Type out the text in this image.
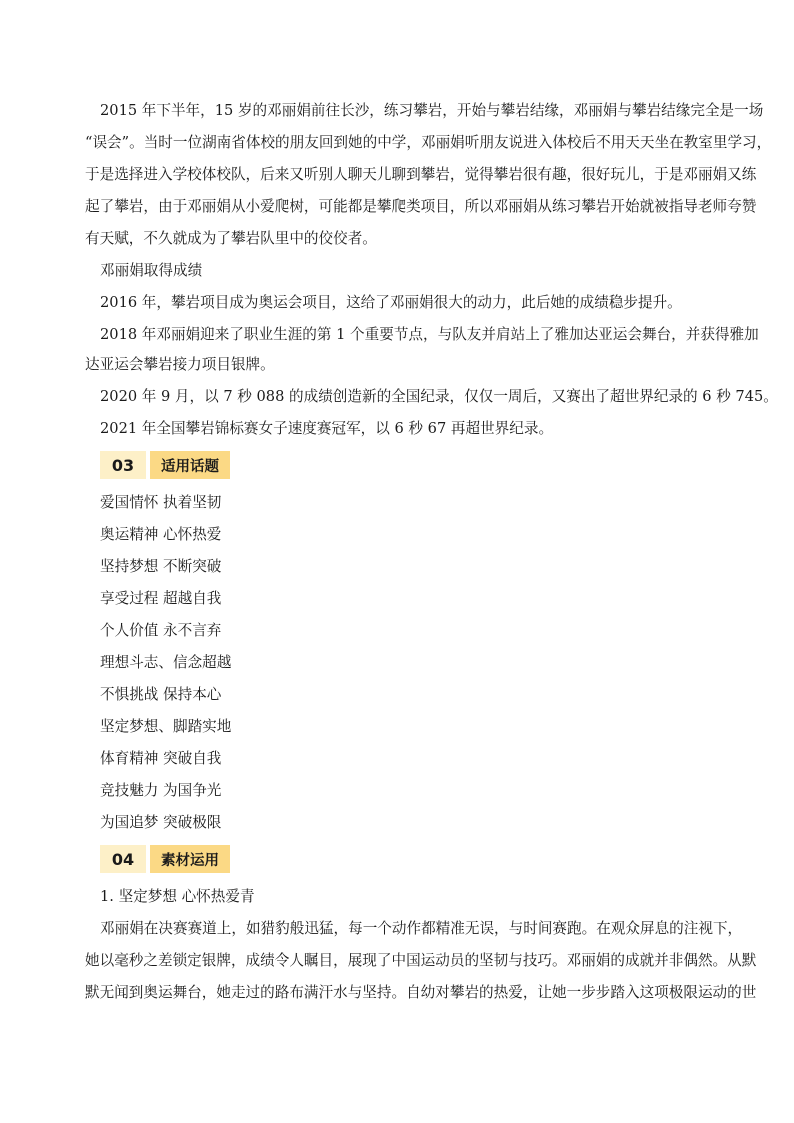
2015 年下半年，15 岁的邓丽娟前往长沙，练习攀岩，开始与攀岩结缘，邓丽娟与攀岩结缘完全是一场
“误会”。当时一位湖南省体校的朋友回到她的中学，邓丽娟听朋友说进入体校后不用天天坐在教室里学习，
于是选择进入学校体校队，后来又听别人聊天儿聊到攀岩，觉得攀岩很有趣，很好玩儿，于是邓丽娟又练
起了攀岩，由于邓丽娟从小爱爬树，可能都是攀爬类项目，所以邓丽娟从练习攀岩开始就被指导老师夸赞
有天赋，不久就成为了攀岩队里中的佼佼者。
邓丽娟取得成绩
2016 年，攀岩项目成为奥运会项目，这给了邓丽娟很大的动力，此后她的成绩稳步提升。
2018 年邓丽娟迎来了职业生涯的第 1 个重要节点，与队友并肩站上了雅加达亚运会舞台，并获得雅加
达亚运会攀岩接力项目银牌。
2020 年 9 月，以 7 秒 088 的成绩创造新的全国纪录，仅仅一周后，又赛出了超世界纪录的 6 秒 745。
2021 年全国攀岩锦标赛女子速度赛冠军，以 6 秒 67 再超世界纪录。
03	适用话题
爱国情怀 执着坚韧
奥运精神 心怀热爱
坚持梦想 不断突破
享受过程 超越自我
个人价值 永不言弃
理想斗志、信念超越
不惧挑战 保持本心
坚定梦想、脚踏实地
体育精神 突破自我
竞技魅力 为国争光
为国追梦 突破极限
04	素材运用
1. 坚定梦想 心怀热爱青
邓丽娟在决赛赛道上，如猎豹般迅猛，每一个动作都精准无误，与时间赛跑。在观众屏息的注视下，
她以毫秒之差锁定银牌，成绩令人瞩目，展现了中国运动员的坚韧与技巧。邓丽娟的成就并非偶然。从默
默无闻到奥运舞台，她走过的路布满汗水与坚持。自幼对攀岩的热爱，让她一步步踏入这项极限运动的世
